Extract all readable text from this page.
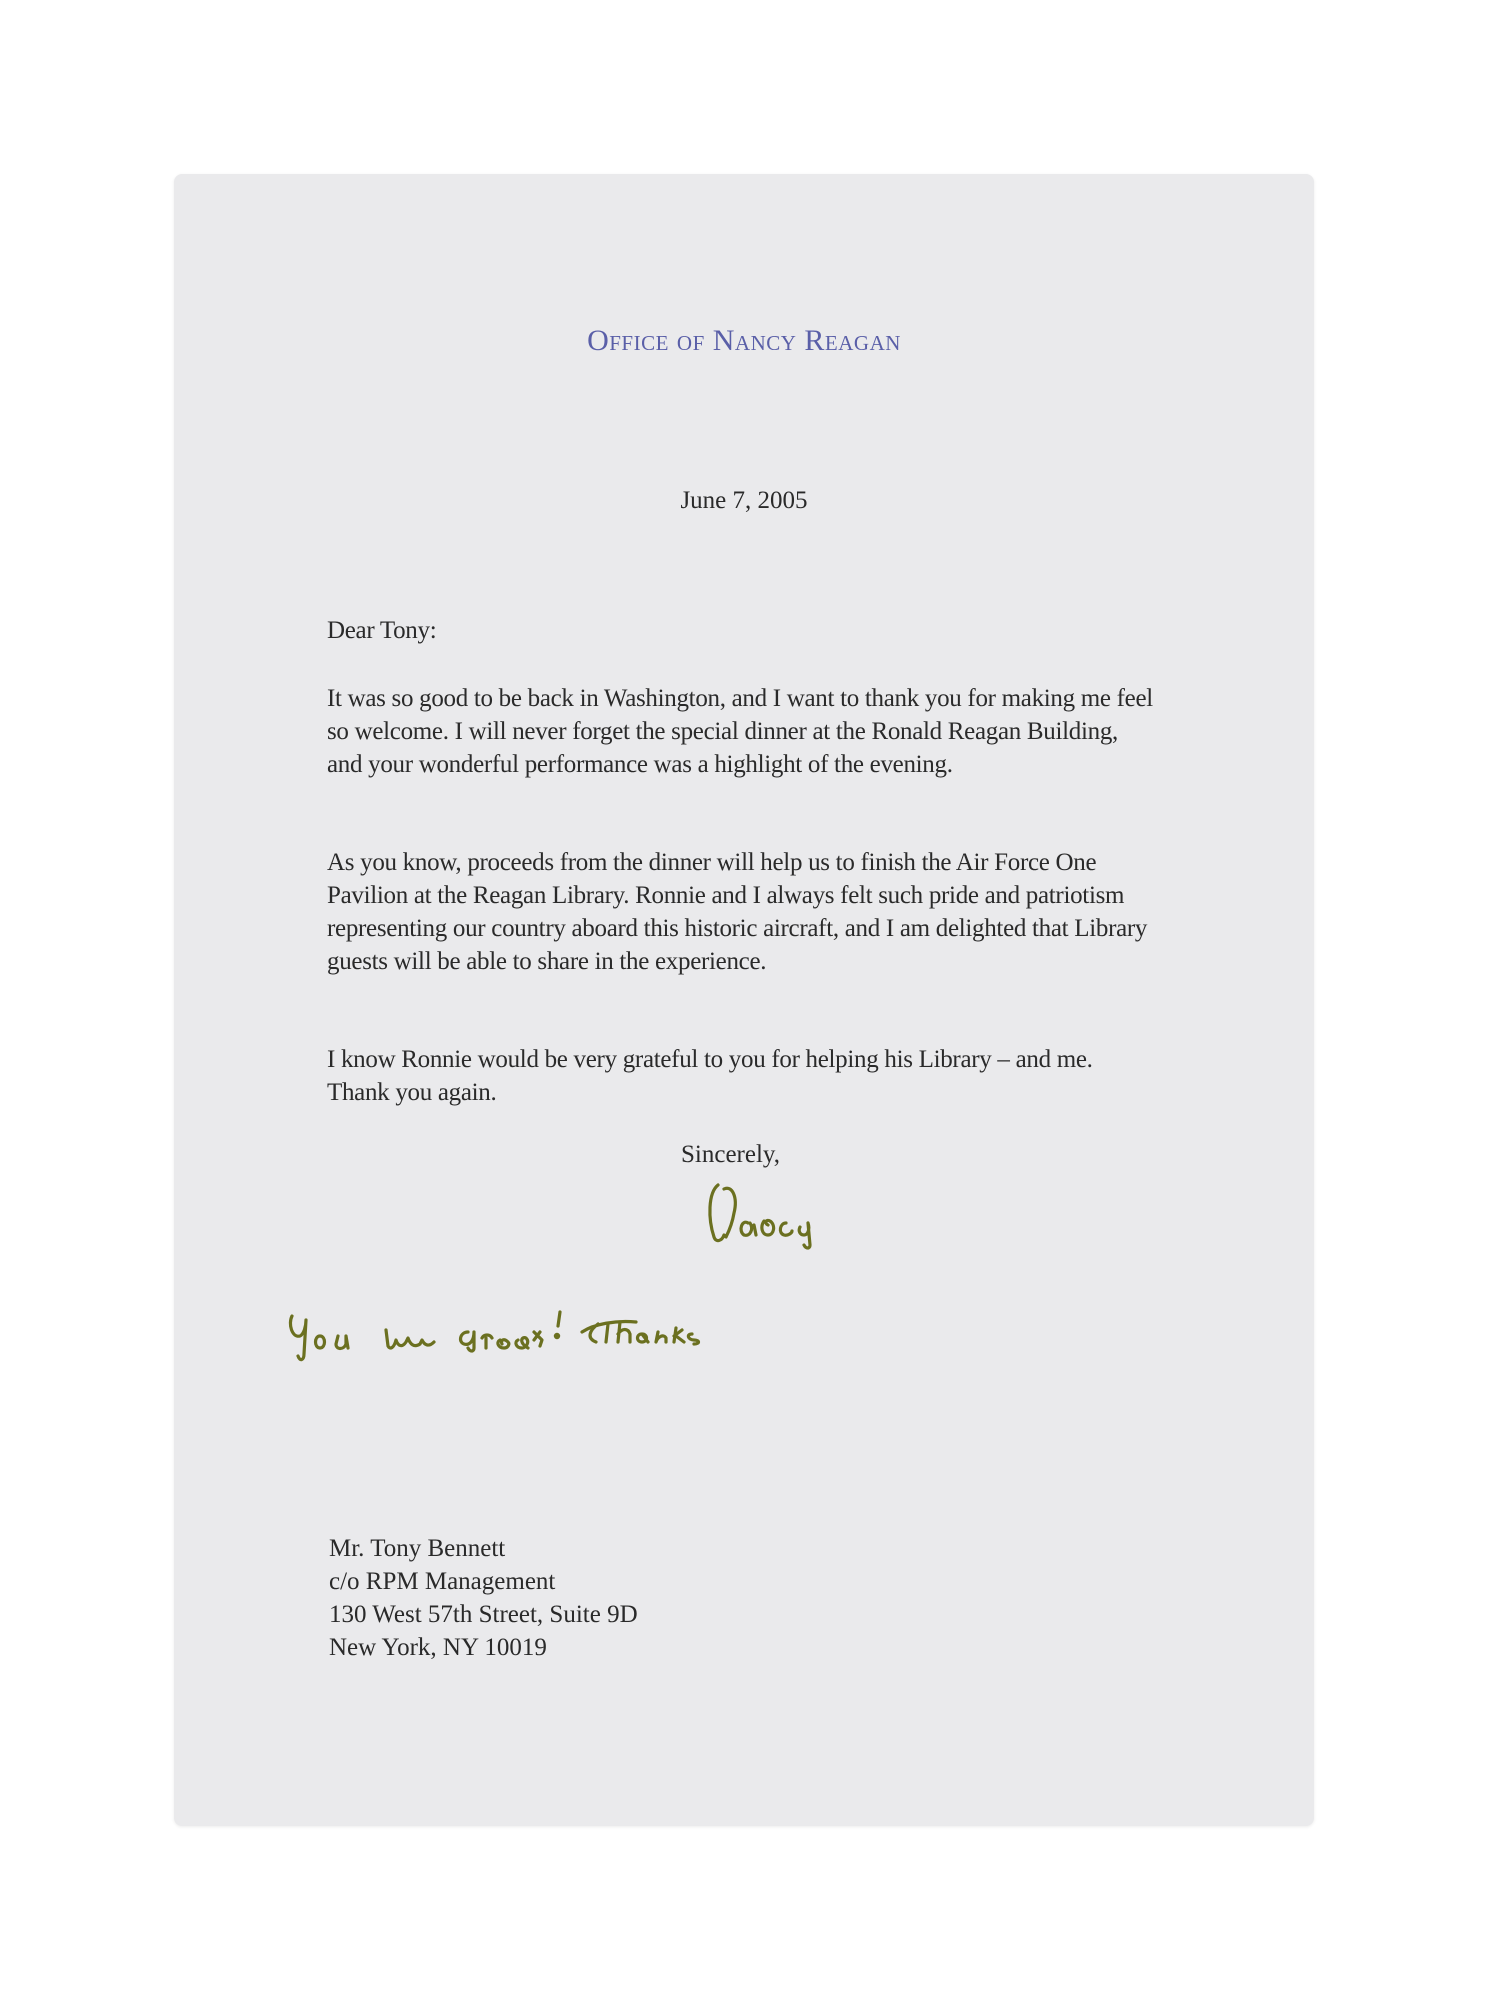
Office of Nancy Reagan
June 7, 2005
Dear Tony:
It was so good to be back in Washington, and I want to thank you for making me feel so welcome. I will never forget the special dinner at the Ronald Reagan Building, and your wonderful performance was a highlight of the evening.
As you know, proceeds from the dinner will help us to finish the Air Force One Pavilion at the Reagan Library. Ronnie and I always felt such pride and patriotism representing our country aboard this historic aircraft, and I am delighted that Library guests will be able to share in the experience.
I know Ronnie would be very grateful to you for helping his Library – and me. Thank you again.
Sincerely,
Mr. Tony Bennett
c/o RPM Management
130 West 57th Street, Suite 9D
New York, NY 10019
